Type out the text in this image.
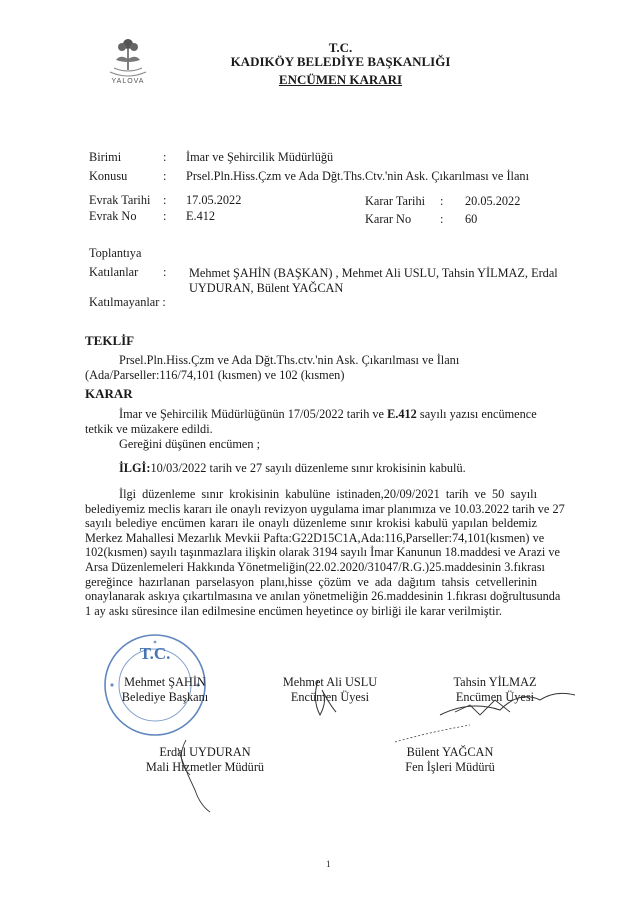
YALOVA
T.C.
KADIKÖY BELEDİYE BAŞKANLIĞI
ENCÜMEN KARARI
Birimi	: İmar ve Şehircilik Müdürlüğü
Konusu	: Prsel.Pln.Hiss.Çzm ve Ada Dğt.Ths.Ctv.'nin Ask. Çıkarılması ve İlanı
Evrak Tarihi : 17.05.2022	Karar Tarihi : 20.05.2022
Evrak No : E.412	Karar No : 60
Toplantıya
Katılanlar : Mehmet ŞAHİN (BAŞKAN) , Mehmet Ali USLU, Tahsin YİLMAZ, Erdal
UYDURAN, Bülent YAĞCAN
Katılmayanlar :
TEKLİF
Prsel.Pln.Hiss.Çzm ve Ada Dğt.Ths.ctv.'nin Ask. Çıkarılması ve İlanı
(Ada/Parseller:116/74,101 (kısmen) ve 102 (kısmen)
KARAR
İmar ve Şehircilik Müdürlüğünün 17/05/2022 tarih ve E.412 sayılı yazısı encümence
tetkik ve müzakere edildi.
Gereğini düşünen encümen ;
İLGİ:10/03/2022 tarih ve 27 sayılı düzenleme sınır krokisinin kabulü.
İlgi düzenleme sınır krokisinin kabulüne istinaden,20/09/2021 tarih ve 50 sayılı
belediyemiz meclis kararı ile onaylı revizyon uygulama imar planımıza ve 10.03.2022 tarih ve 27
sayılı belediye encümen kararı ile onaylı düzenleme sınır krokisi kabulü yapılan beldemiz
Merkez Mahallesi Mezarlık Mevkii Pafta:G22D15C1A,Ada:116,Parseller:74,101(kısmen) ve
102(kısmen) sayılı taşınmazlara ilişkin olarak 3194 sayılı İmar Kanunun 18.maddesi ve Arazi ve
Arsa Düzenlemeleri Hakkında Yönetmeliğin(22.02.2020/31047/R.G.)25.maddesinin 3.fıkrası
gereğince hazırlanan parselasyon planı,hisse çözüm ve ada dağıtım tahsis cetvellerinin
onaylanarak askıya çıkartılmasına ve anılan yönetmeliğin 26.maddesinin 1.fıkrası doğrultusunda
1 ay askı süresince ilan edilmesine encümen heyetince oy birliği ile karar verilmiştir.
T.C.
Mehmet ŞAHİN
Belediye Başkanı
Mehmet Ali USLU
Encümen Üyesi
Tahsin YİLMAZ
Encümen Üyesi
Erdal UYDURAN
Mali Hizmetler Müdürü
Bülent YAĞCAN
Fen İşleri Müdürü
1
